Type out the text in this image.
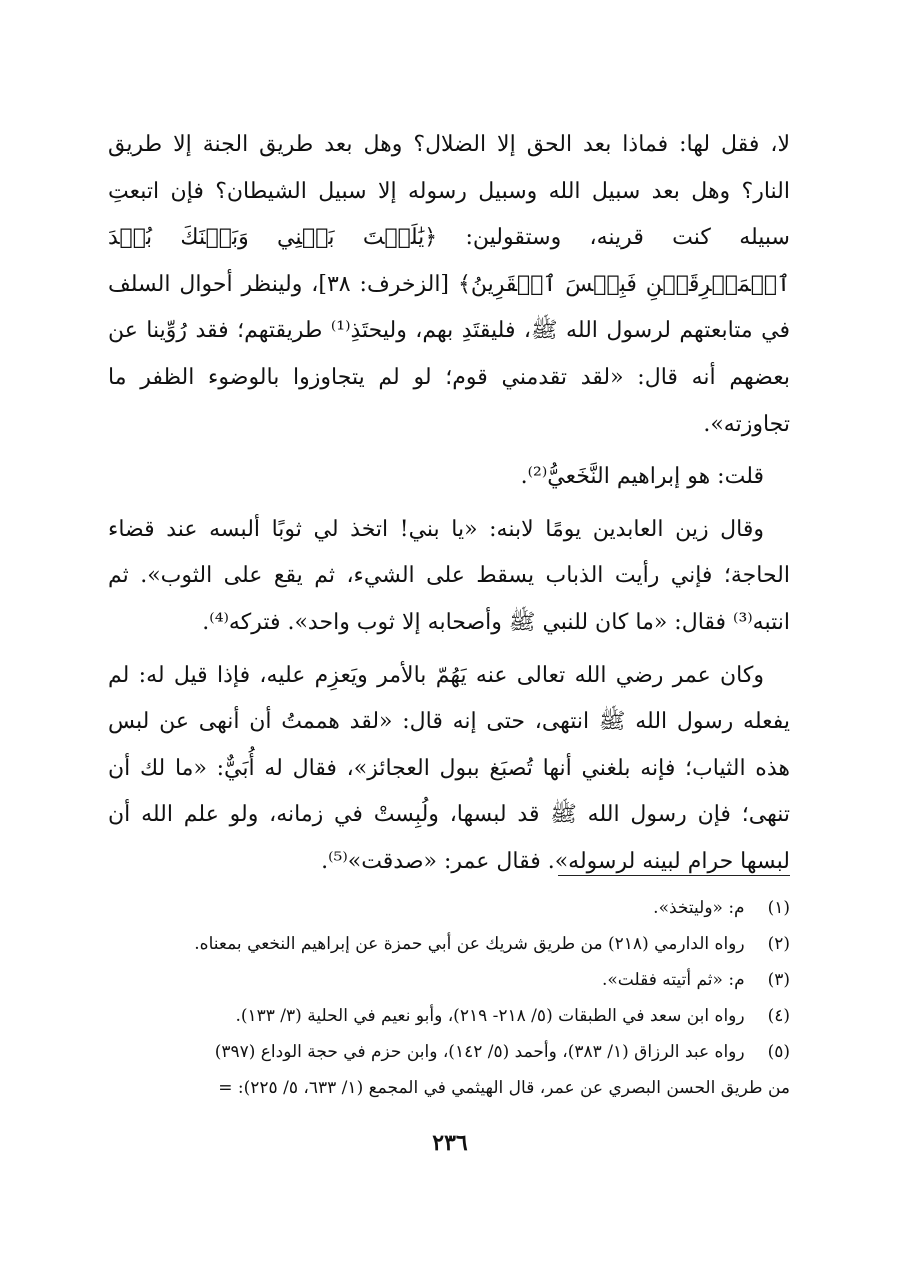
لا، فقل لها: فماذا بعد الحق إلا الضلال؟ وهل بعد طريق الجنة إلا طريق النار؟ وهل بعد سبيل الله وسبيل رسوله إلا سبيل الشيطان؟ فإن اتبعتِ سبيله كنت قرينه، وستقولين: ﴿يَٰلَيۡتَ بَيۡنِي وَبَيۡنَكَ بُعۡدَ ٱلۡمَشۡرِقَيۡنِ فَبِئۡسَ ٱلۡقَرِينُ﴾ [الزخرف: ٣٨]، ولينظر أحوال السلف في متابعتهم لرسول الله ﷺ، فليقتَدِ بهم، وليحتَذِ⁽¹⁾ طريقتهم؛ فقد رُوِّينا عن بعضهم أنه قال: «لقد تقدمني قوم؛ لو لم يتجاوزوا بالوضوء الظفر ما تجاوزته».

قلت: هو إبراهيم النَّخَعيُّ⁽²⁾.

وقال زين العابدين يومًا لابنه: «يا بني! اتخذ لي ثوبًا ألبسه عند قضاء الحاجة؛ فإني رأيت الذباب يسقط على الشيء، ثم يقع على الثوب». ثم انتبه⁽³⁾ فقال: «ما كان للنبي ﷺ وأصحابه إلا ثوب واحد». فتركه⁽⁴⁾.

وكان عمر رضي الله تعالى عنه يَهُمّ بالأمر ويَعزِم عليه، فإذا قيل له: لم يفعله رسول الله ﷺ انتهى، حتى إنه قال: «لقد هممتُ أن أنهى عن لبس هذه الثياب؛ فإنه بلغني أنها تُصبَغ ببول العجائز»، فقال له أُبَيٌّ: «ما لك أن تنهى؛ فإن رسول الله ﷺ قد لبسها، ولُبِستْ في زمانه، ولو علم الله أن لبسها حرام لبينه لرسوله». فقال عمر: «صدقت»⁽⁵⁾.

(١) م: «وليتخذ».

(٢) رواه الدارمي (٢١٨) من طريق شريك عن أبي حمزة عن إبراهيم النخعي بمعناه.

(٣) م: «ثم أتيته فقلت».

(٤) رواه ابن سعد في الطبقات (٥/ ٢١٨- ٢١٩)، وأبو نعيم في الحلية (٣/ ١٣٣).

(٥) رواه عبد الرزاق (١/ ٣٨٣)، وأحمد (٥/ ١٤٢)، وابن حزم في حجة الوداع (٣٩٧)

من طريق الحسن البصري عن عمر، قال الهيثمي في المجمع (١/ ٦٣٣، ٥/ ٢٢٥): =

٢٣٦
